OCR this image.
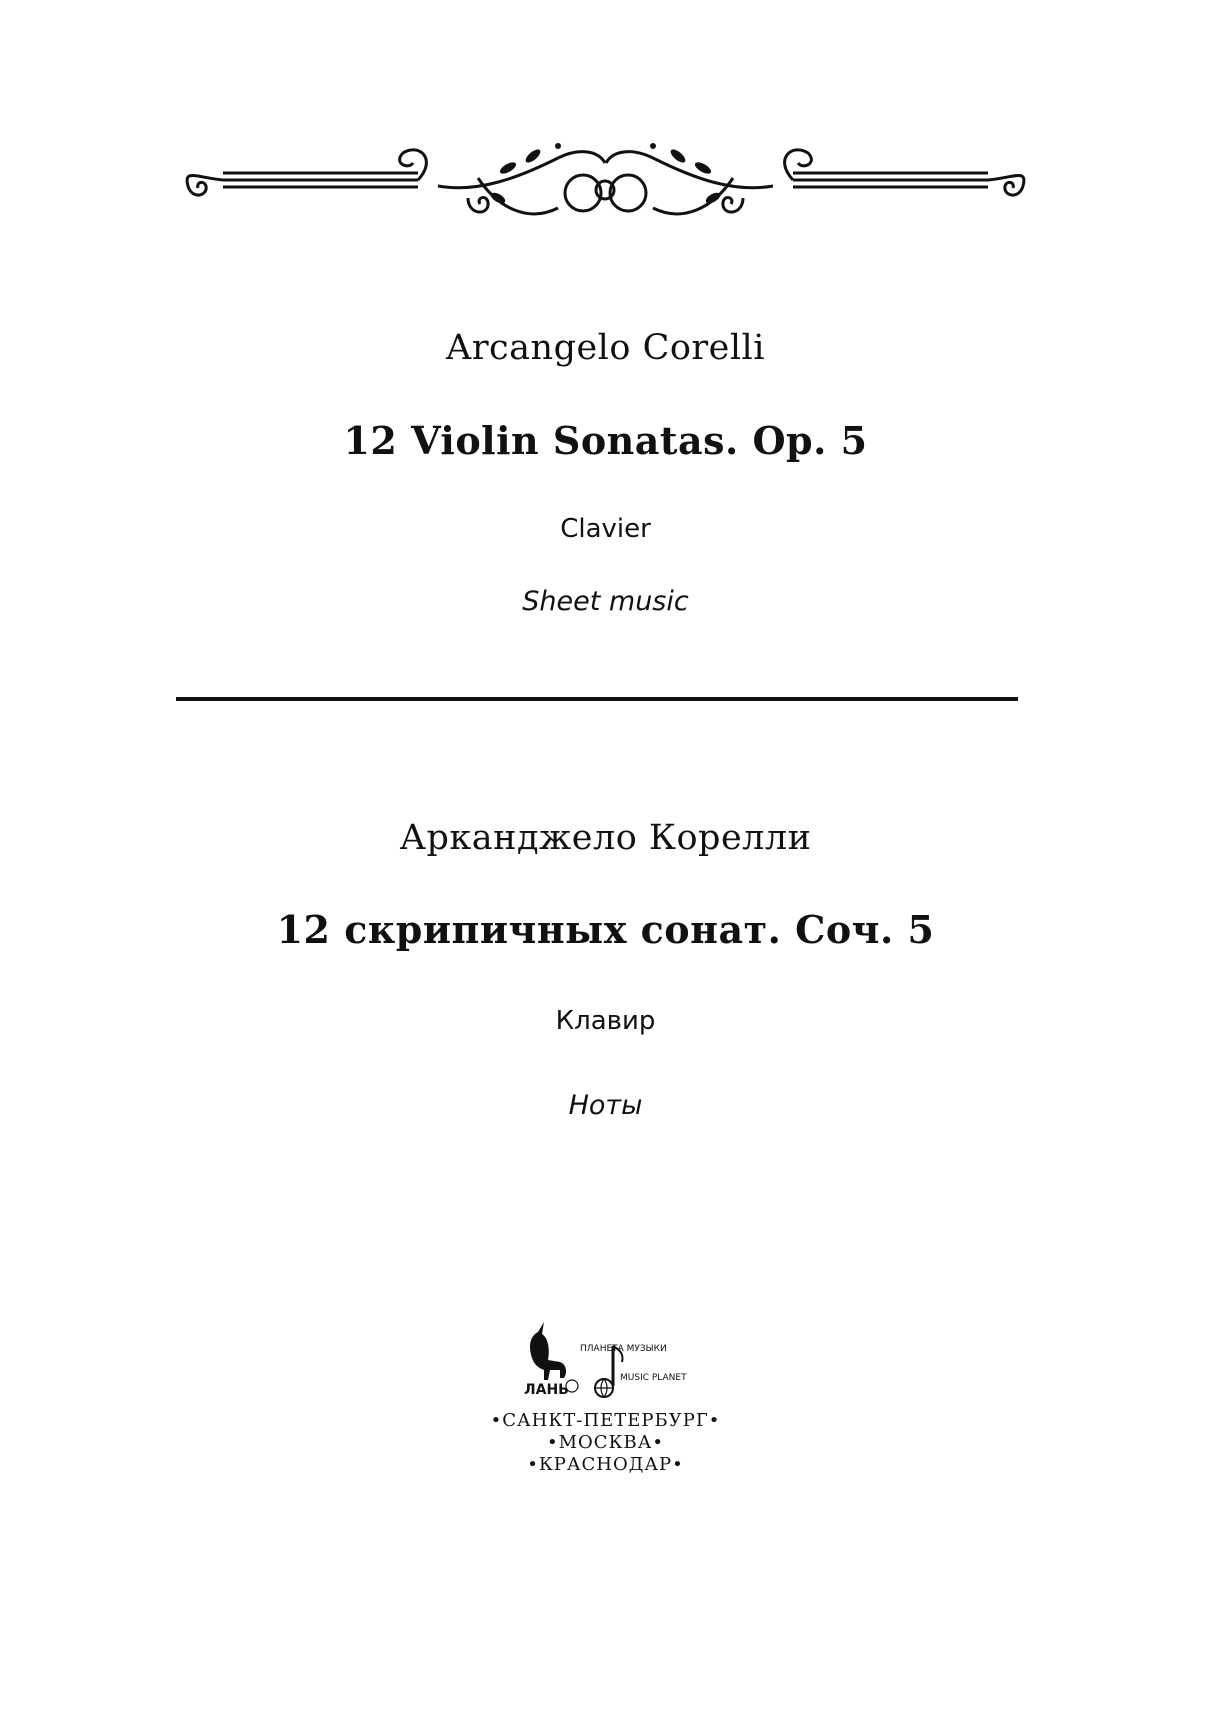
Arcangelo Corelli
12 Violin Sonatas. Op. 5
Clavier
Sheet music
Арканджело Корелли
12 скрипичных сонат. Соч. 5
Клавир
Ноты
ЛАНЬ
ПЛАНЕТА МУЗЫКИ
MUSIC PLANET
•САНКТ-ПЕТЕРБУРГ•
•МОСКВА•
•КРАСНОДАР•
